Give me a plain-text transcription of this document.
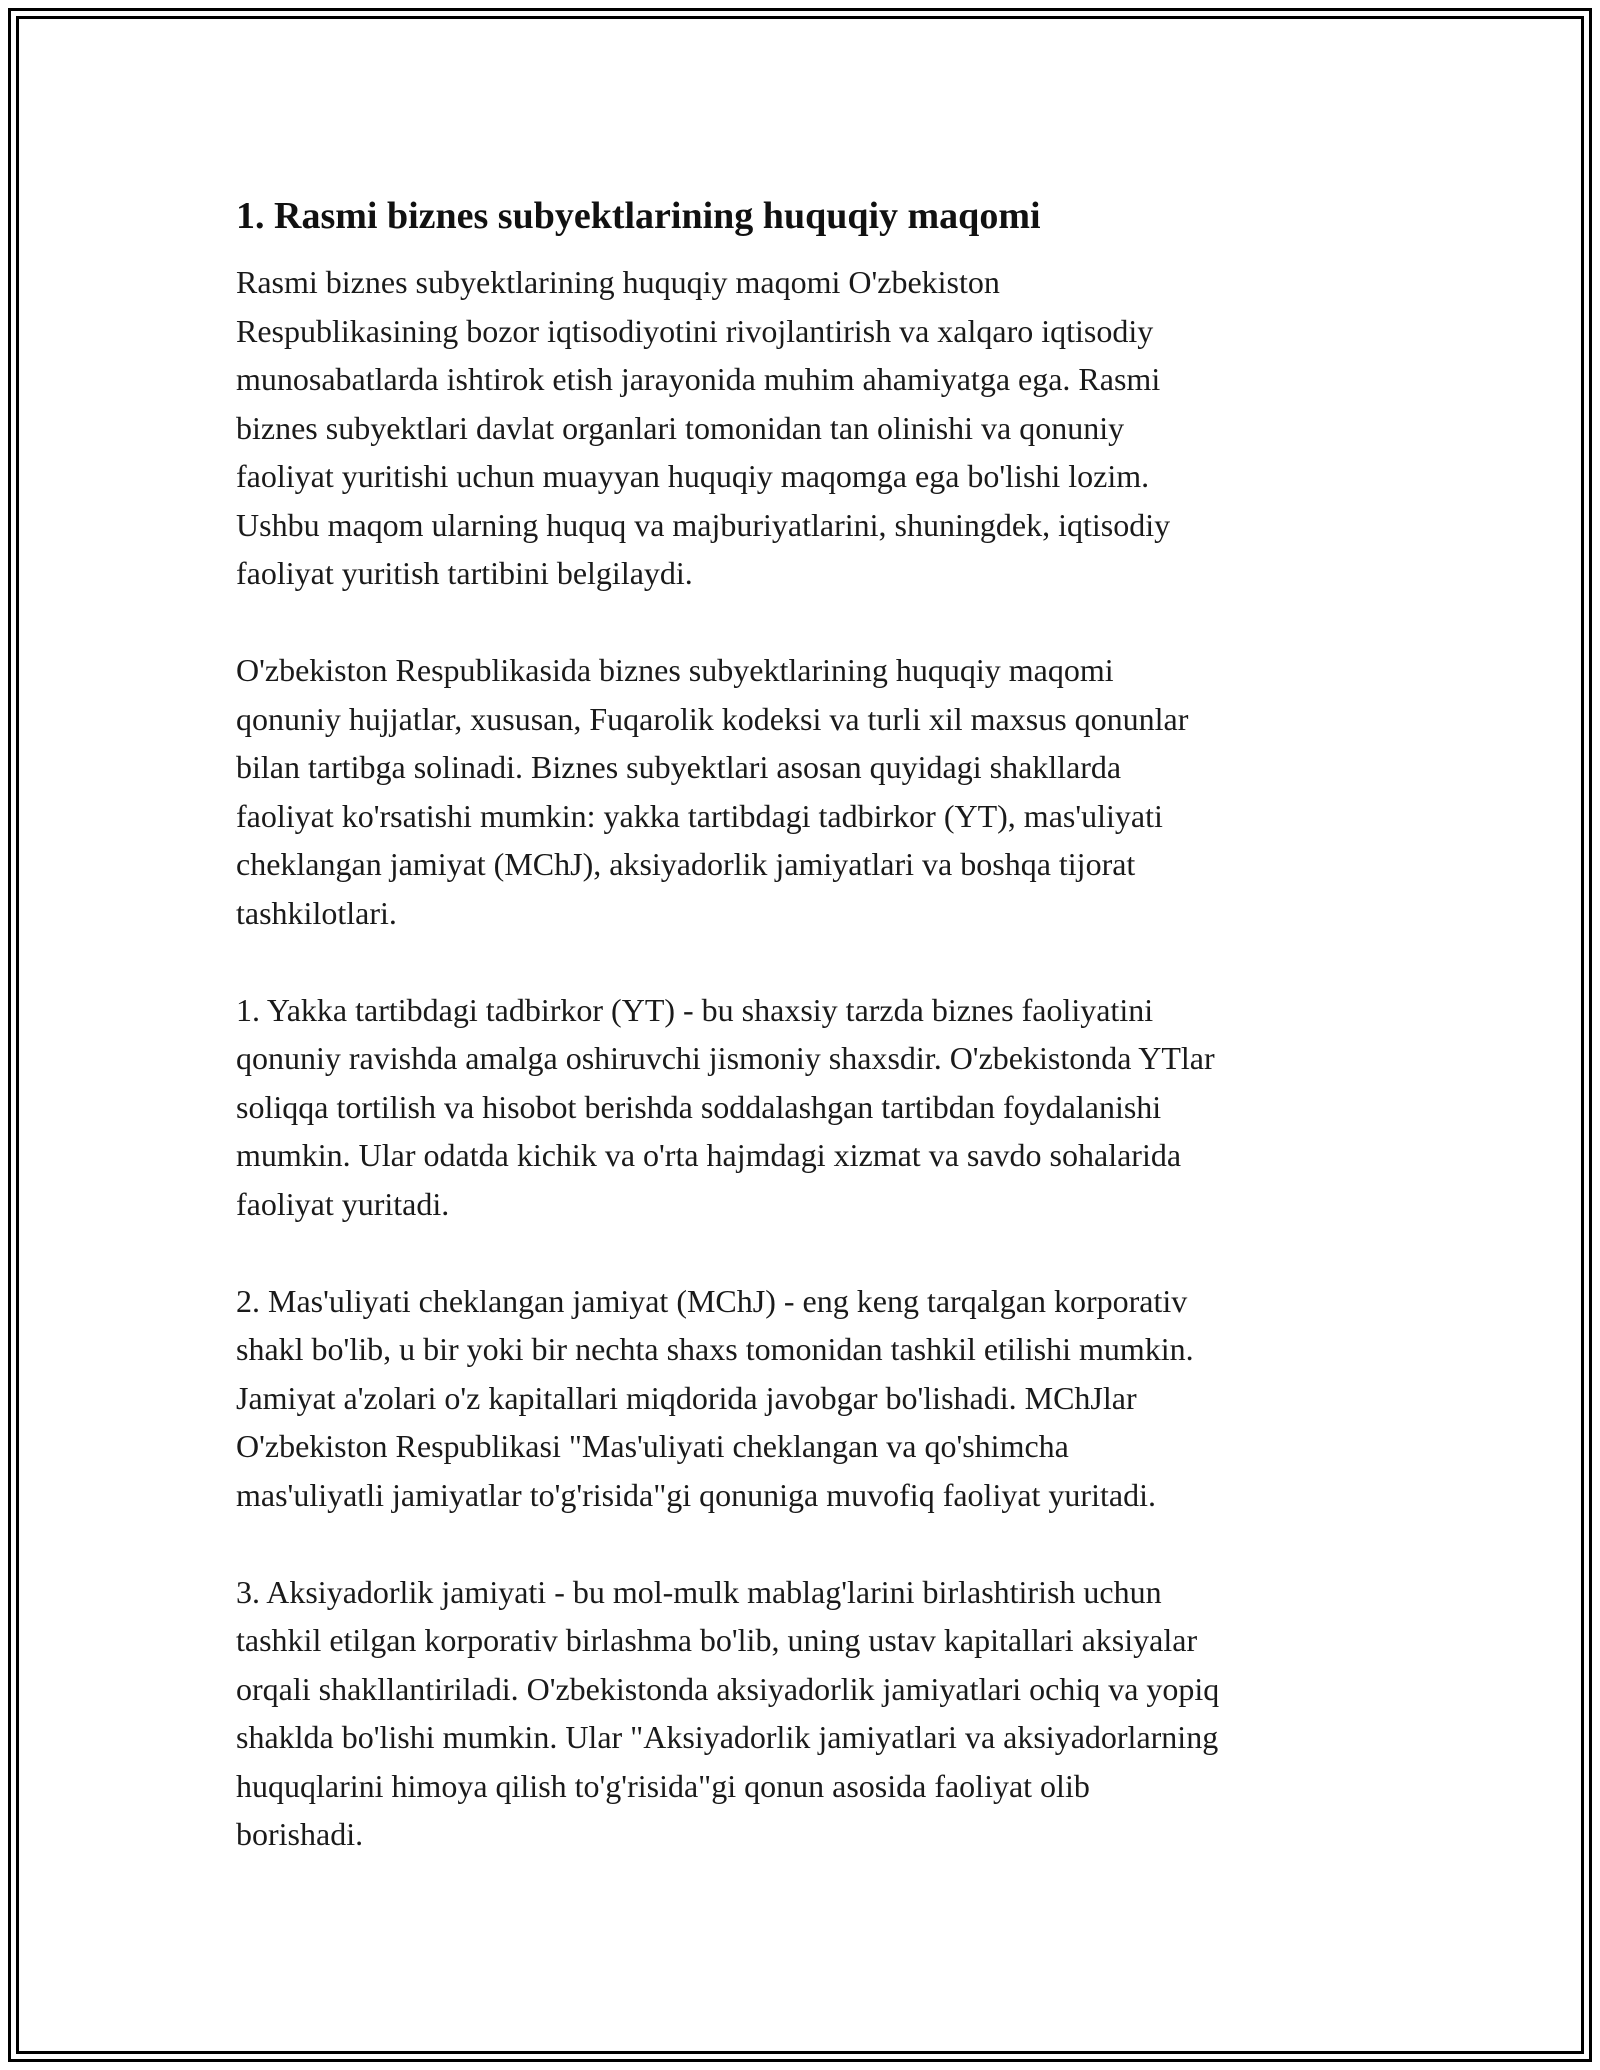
1. Rasmi biznes subyektlarining huquqiy maqomi

Rasmi biznes subyektlarining huquqiy maqomi O'zbekiston
Respublikasining bozor iqtisodiyotini rivojlantirish va xalqaro iqtisodiy
munosabatlarda ishtirok etish jarayonida muhim ahamiyatga ega. Rasmi
biznes subyektlari davlat organlari tomonidan tan olinishi va qonuniy
faoliyat yuritishi uchun muayyan huquqiy maqomga ega bo'lishi lozim.
Ushbu maqom ularning huquq va majburiyatlarini, shuningdek, iqtisodiy
faoliyat yuritish tartibini belgilaydi.

O'zbekiston Respublikasida biznes subyektlarining huquqiy maqomi
qonuniy hujjatlar, xususan, Fuqarolik kodeksi va turli xil maxsus qonunlar
bilan tartibga solinadi. Biznes subyektlari asosan quyidagi shakllarda
faoliyat ko'rsatishi mumkin: yakka tartibdagi tadbirkor (YT), mas'uliyati
cheklangan jamiyat (MChJ), aksiyadorlik jamiyatlari va boshqa tijorat
tashkilotlari.

1. Yakka tartibdagi tadbirkor (YT) - bu shaxsiy tarzda biznes faoliyatini
qonuniy ravishda amalga oshiruvchi jismoniy shaxsdir. O'zbekistonda YTlar
soliqqa tortilish va hisobot berishda soddalashgan tartibdan foydalanishi
mumkin. Ular odatda kichik va o'rta hajmdagi xizmat va savdo sohalarida
faoliyat yuritadi.

2. Mas'uliyati cheklangan jamiyat (MChJ) - eng keng tarqalgan korporativ
shakl bo'lib, u bir yoki bir nechta shaxs tomonidan tashkil etilishi mumkin.
Jamiyat a'zolari o'z kapitallari miqdorida javobgar bo'lishadi. MChJlar
O'zbekiston Respublikasi "Mas'uliyati cheklangan va qo'shimcha
mas'uliyatli jamiyatlar to'g'risida"gi qonuniga muvofiq faoliyat yuritadi.

3. Aksiyadorlik jamiyati - bu mol-mulk mablag'larini birlashtirish uchun
tashkil etilgan korporativ birlashma bo'lib, uning ustav kapitallari aksiyalar
orqali shakllantiriladi. O'zbekistonda aksiyadorlik jamiyatlari ochiq va yopiq
shaklda bo'lishi mumkin. Ular "Aksiyadorlik jamiyatlari va aksiyadorlarning
huquqlarini himoya qilish to'g'risida"gi qonun asosida faoliyat olib
borishadi.
